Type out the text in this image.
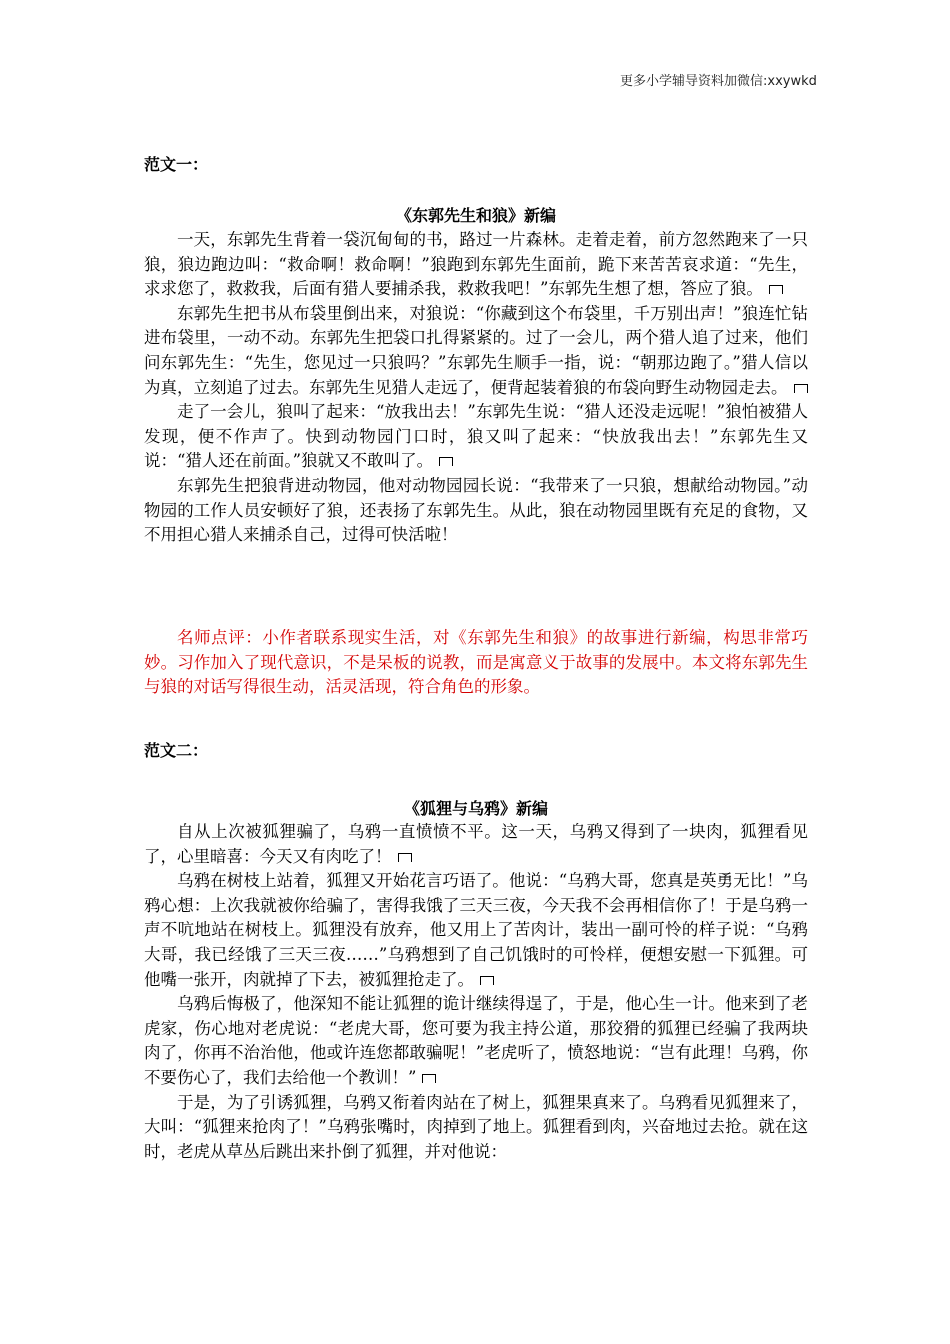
更多小学辅导资料加微信:xxywkd
范文一：
《东郭先生和狼》新编

一天，东郭先生背着一袋沉甸甸的书，路过一片森林。走着走着，前方忽然跑来了一只狼，狼边跑边叫：“救命啊！救命啊！”狼跑到东郭先生面前，跪下来苦苦哀求道：“先生，求求您了，救救我，后面有猎人要捕杀我，救救我吧！”东郭先生想了想，答应了狼。

东郭先生把书从布袋里倒出来，对狼说：“你藏到这个布袋里，千万别出声！”狼连忙钻进布袋里，一动不动。东郭先生把袋口扎得紧紧的。过了一会儿，两个猎人追了过来，他们问东郭先生：“先生，您见过一只狼吗？”东郭先生顺手一指，说：“朝那边跑了。”猎人信以为真，立刻追了过去。东郭先生见猎人走远了，便背起装着狼的布袋向野生动物园走去。

走了一会儿，狼叫了起来：“放我出去！”东郭先生说：“猎人还没走远呢！”狼怕被猎人发现，便不作声了。快到动物园门口时，狼又叫了起来：“快放我出去！”东郭先生又说：“猎人还在前面。”狼就又不敢叫了。

东郭先生把狼背进动物园，他对动物园园长说：“我带来了一只狼，想献给动物园。”动物园的工作人员安顿好了狼，还表扬了东郭先生。从此，狼在动物园里既有充足的食物，又不用担心猎人来捕杀自己，过得可快活啦！

名师点评：小作者联系现实生活，对《东郭先生和狼》的故事进行新编，构思非常巧妙。习作加入了现代意识，不是呆板的说教，而是寓意义于故事的发展中。本文将东郭先生与狼的对话写得很生动，活灵活现，符合角色的形象。

范文二：
《狐狸与乌鸦》新编

自从上次被狐狸骗了，乌鸦一直愤愤不平。这一天，乌鸦又得到了一块肉，狐狸看见了，心里暗喜：今天又有肉吃了！

乌鸦在树枝上站着，狐狸又开始花言巧语了。他说：“乌鸦大哥，您真是英勇无比！”乌鸦心想：上次我就被你给骗了，害得我饿了三天三夜，今天我不会再相信你了！于是乌鸦一声不吭地站在树枝上。狐狸没有放弃，他又用上了苦肉计，装出一副可怜的样子说：“乌鸦大哥，我已经饿了三天三夜……”乌鸦想到了自己饥饿时的可怜样，便想安慰一下狐狸。可他嘴一张开，肉就掉了下去，被狐狸抢走了。

乌鸦后悔极了，他深知不能让狐狸的诡计继续得逞了，于是，他心生一计。他来到了老虎家，伤心地对老虎说：“老虎大哥，您可要为我主持公道，那狡猾的狐狸已经骗了我两块肉了，你再不治治他，他或许连您都敢骗呢！”老虎听了，愤怒地说：“岂有此理！乌鸦，你不要伤心了，我们去给他一个教训！”

于是，为了引诱狐狸，乌鸦又衔着肉站在了树上，狐狸果真来了。乌鸦看见狐狸来了，大叫：“狐狸来抢肉了！”乌鸦张嘴时，肉掉到了地上。狐狸看到肉，兴奋地过去抢。就在这时，老虎从草丛后跳出来扑倒了狐狸，并对他说：
